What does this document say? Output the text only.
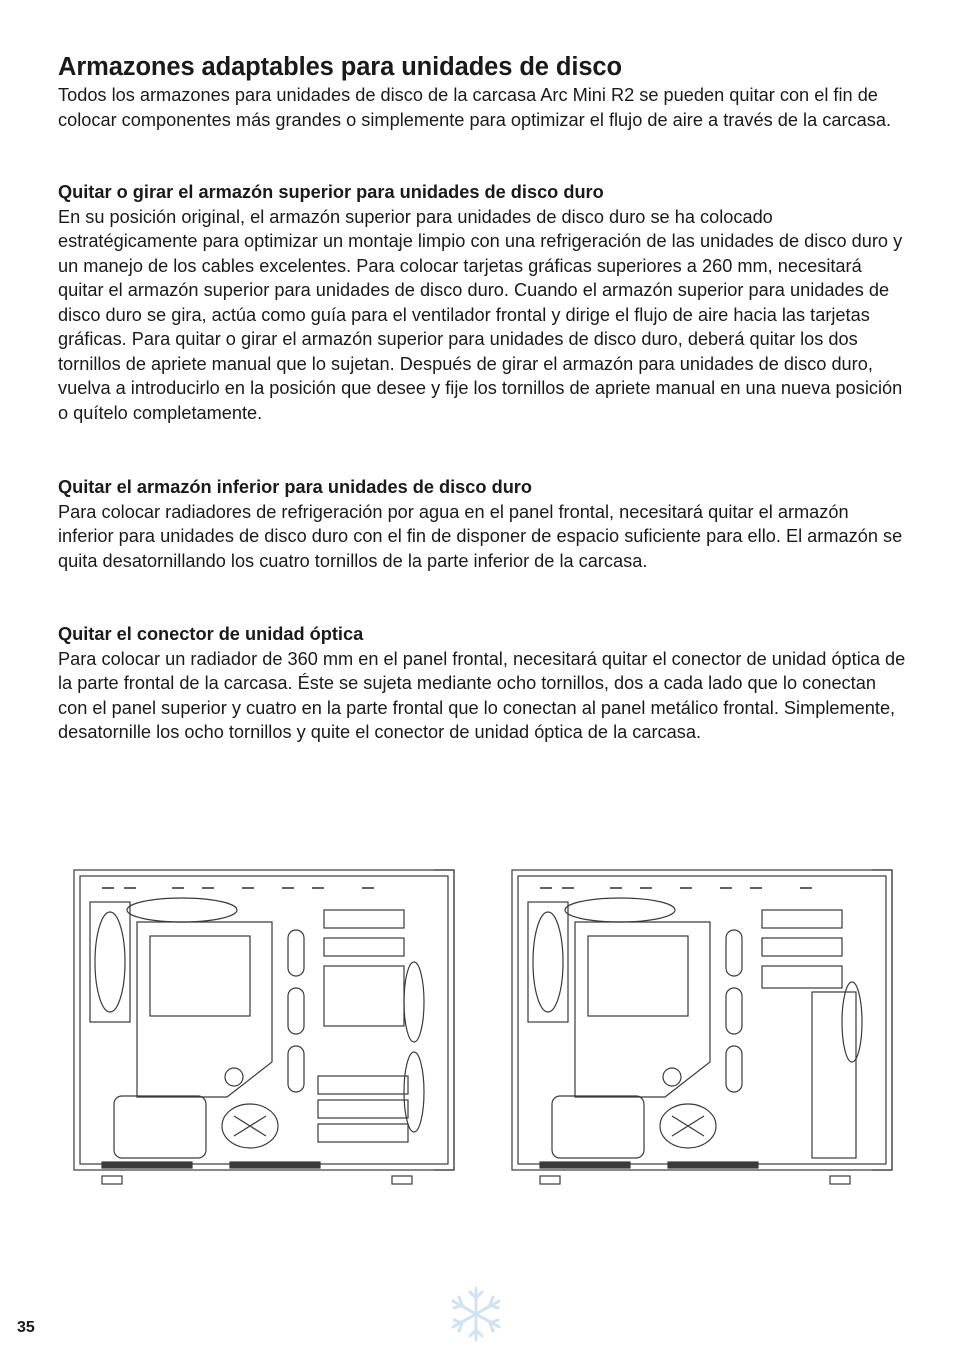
Armazones adaptables para unidades de disco
Todos los armazones para unidades de disco de la carcasa Arc Mini R2 se pueden quitar con el fin de colocar componentes más grandes o simplemente para optimizar el flujo de aire a través de la carcasa.
Quitar o girar el armazón superior para unidades de disco duro

En su posición original, el armazón superior para unidades de disco duro se ha colocado estratégicamente para optimizar un montaje limpio con una refrigeración de las unidades de disco duro y un manejo de los cables excelentes. Para colocar tarjetas gráficas superiores a 260 mm, necesitará quitar el armazón superior para unidades de disco duro. Cuando el armazón superior para unidades de disco duro se gira, actúa como guía para el ventilador frontal y dirige el flujo de aire hacia las tarjetas gráficas. Para quitar o girar el armazón superior para unidades de disco duro, deberá quitar los dos tornillos de apriete manual que lo sujetan. Después de girar el armazón para unidades de disco duro, vuelva a introducirlo en la posición que desee y fije los tornillos de apriete manual en una nueva posición o quítelo completamente.

Quitar el armazón inferior para unidades de disco duro

Para colocar radiadores de refrigeración por agua en el panel frontal, necesitará quitar el armazón inferior para unidades de disco duro con el fin de disponer de espacio suficiente para ello. El armazón se quita desatornillando los cuatro tornillos de la parte inferior de la carcasa.

Quitar el conector de unidad óptica

Para colocar un radiador de 360 mm en el panel frontal, necesitará quitar el conector de unidad óptica de la parte frontal de la carcasa. Éste se sujeta mediante ocho tornillos, dos a cada lado que lo conectan con el panel superior y cuatro en la parte frontal que lo conectan al panel metálico frontal. Simplemente, desatornille los ocho tornillos y quite el conector de unidad óptica de la carcasa.

35
